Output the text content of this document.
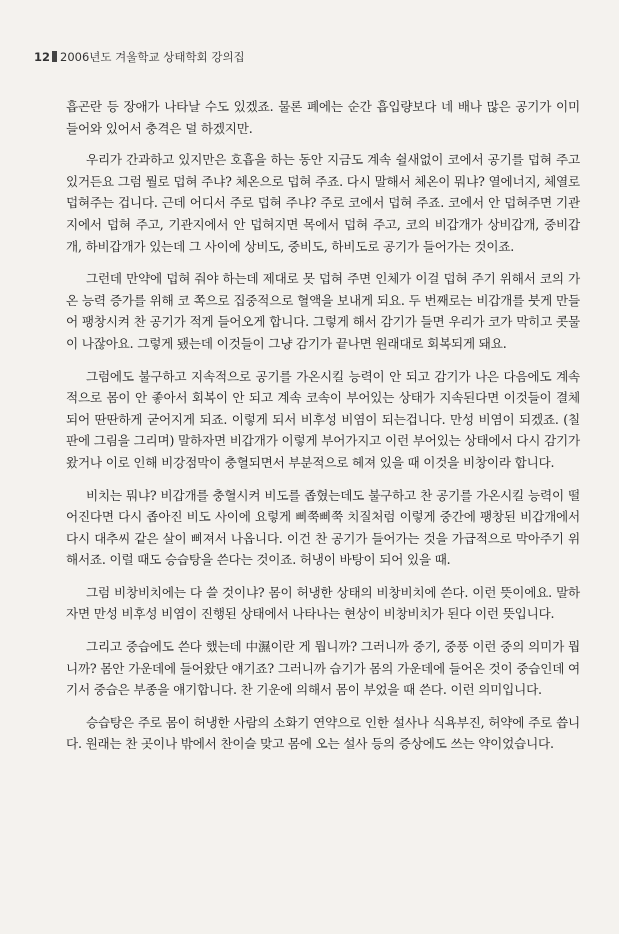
12 2006년도 겨울학교 상태학회 강의집

흡곤란 등 장애가 나타날 수도 있겠죠. 물론 폐에는 순간 흡입량보다 네 배나 많은 공기가 이미 들어와 있어서 충격은 덜 하겠지만.

우리가 간과하고 있지만은 호흡을 하는 동안 지금도 계속 쉴새없이 코에서 공기를 덥혀 주고 있거든요 그럼 뭘로 덥혀 주냐? 체온으로 덥혀 주죠. 다시 말해서 체온이 뭐냐? 열에너지, 체열로 덥혀주는 겁니다. 근데 어디서 주로 덥혀 주냐? 주로 코에서 덥혀 주죠. 코에서 안 덥혀주면 기관지에서 덥혀 주고, 기관지에서 안 덥혀지면 목에서 덥혀 주고, 코의 비갑개가 상비갑개, 중비갑개, 하비갑개가 있는데 그 사이에 상비도, 중비도, 하비도로 공기가 들어가는 것이죠.

그런데 만약에 덥혀 줘야 하는데 제대로 못 덥혀 주면 인체가 이걸 덥혀 주기 위해서 코의 가온 능력 증가를 위해 코 쪽으로 집중적으로 혈액을 보내게 되요. 두 번째로는 비갑개를 붓게 만들어 팽창시켜 찬 공기가 적게 들어오게 합니다. 그렇게 해서 감기가 들면 우리가 코가 막히고 콧물이 나잖아요. 그렇게 됐는데 이것들이 그냥 감기가 끝나면 원래대로 회복되게 돼요.

그럼에도 불구하고 지속적으로 공기를 가온시킬 능력이 안 되고 감기가 나은 다음에도 계속적으로 몸이 안 좋아서 회복이 안 되고 계속 코속이 부어있는 상태가 지속된다면 이것들이 결체되어 딴딴하게 굳어지게 되죠. 이렇게 되서 비후성 비염이 되는겁니다. 만성 비염이 되겠죠. (칠판에 그림을 그리며) 말하자면 비갑개가 이렇게 부어가지고 이런 부어있는 상태에서 다시 감기가 왔거나 이로 인해 비강점막이 충혈되면서 부분적으로 헤져 있을 때 이것을 비창이라 합니다.

비치는 뭐냐? 비갑개를 충혈시켜 비도를 좁혔는데도 불구하고 찬 공기를 가온시킬 능력이 떨어진다면 다시 좁아진 비도 사이에 요렇게 삐쭉삐쭉 치질처럼 이렇게 중간에 팽창된 비갑개에서 다시 대추씨 같은 살이 삐져서 나옵니다. 이건 찬 공기가 들어가는 것을 가급적으로 막아주기 위해서죠. 이럴 때도 승습탕을 쓴다는 것이죠. 허냉이 바탕이 되어 있을 때.

그럼 비창비치에는 다 쓸 것이냐? 몸이 허냉한 상태의 비창비치에 쓴다. 이런 뜻이에요. 말하자면 만성 비후성 비염이 진행된 상태에서 나타나는 현상이 비창비치가 된다 이런 뜻입니다.

그리고 중습에도 쓴다 했는데 中濕이란 게 뭡니까? 그러니까 중기, 중풍 이런 중의 의미가 뭡니까? 몸안 가운데에 들어왔단 얘기죠? 그러니까 습기가 몸의 가운데에 들어온 것이 중습인데 여기서 중습은 부종을 얘기합니다. 찬 기운에 의해서 몸이 부었을 때 쓴다. 이런 의미입니다.

승습탕은 주로 몸이 허냉한 사람의 소화기 연약으로 인한 설사나 식욕부진, 허약에 주로 씁니다. 원래는 찬 곳이나 밖에서 찬이슬 맞고 몸에 오는 설사 등의 증상에도 쓰는 약이었습니다.
